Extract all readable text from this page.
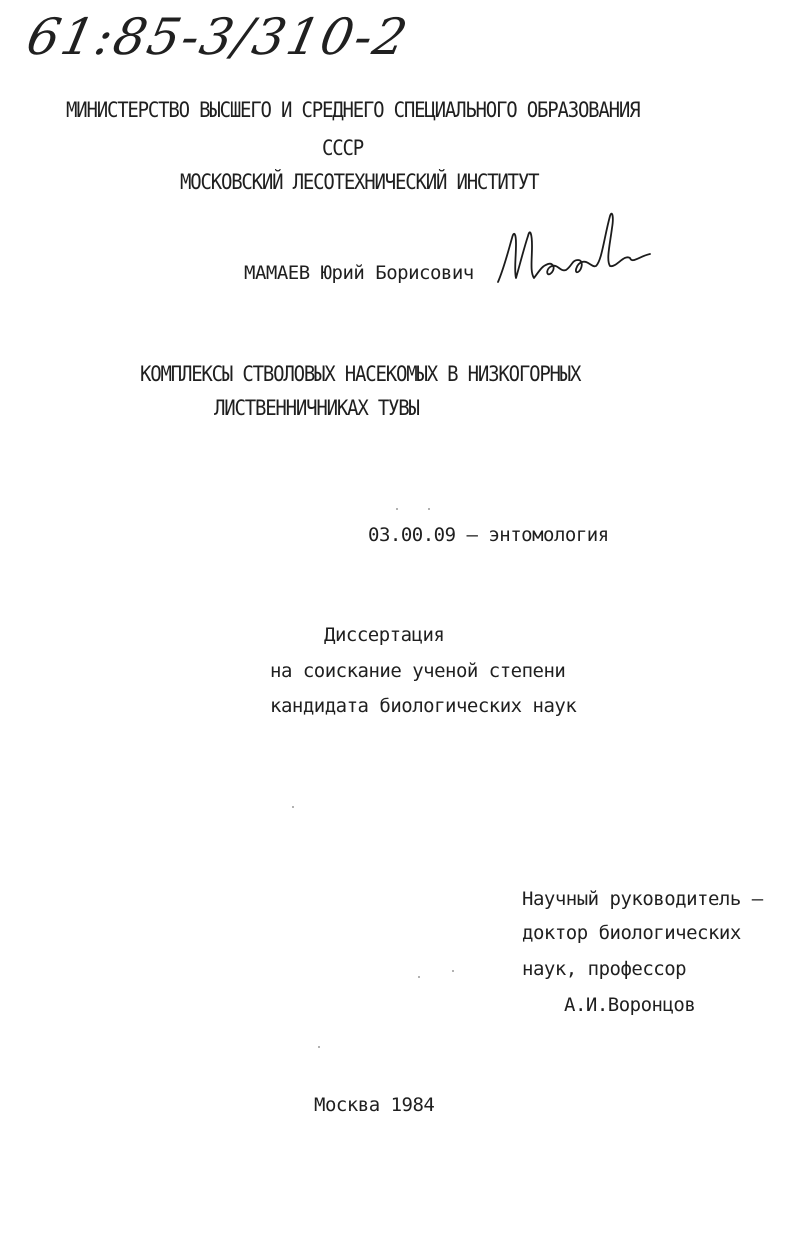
61:85-3/310-2
МИНИСТЕРСТВО ВЫСШЕГО И СРЕДНЕГО СПЕЦИАЛЬНОГО ОБРАЗОВАНИЯ
СССР
МОСКОВСКИЙ ЛЕСОТЕХНИЧЕСКИЙ ИНСТИТУТ
МАМАЕВ Юрий Борисович
КОМПЛЕКСЫ СТВОЛОВЫХ НАСЕКОМЫХ В НИЗКОГОРНЫХ
ЛИСТВЕННИЧНИКАХ ТУВЫ
03.00.09 – энтомология
Диссертация
на соискание ученой степени
кандидата биологических наук
Научный руководитель –
доктор биологических
наук, профессор
А.И.Воронцов
Москва 1984
